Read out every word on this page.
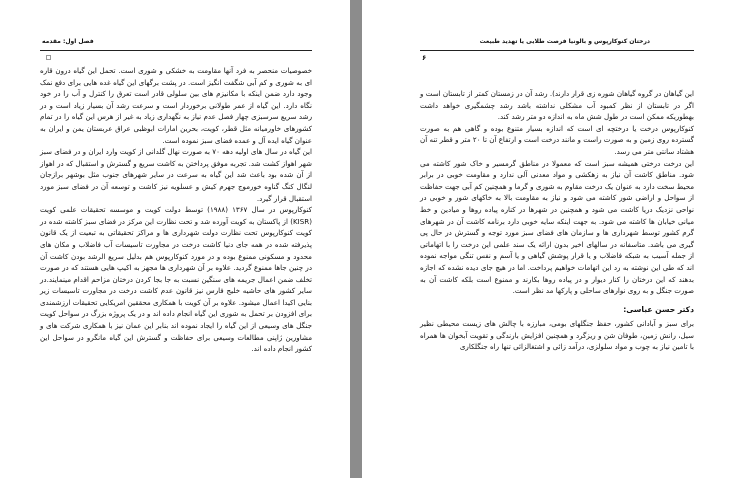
فصل اول: مقدمه

خصوصیات منحصر به فرد آنها مقاومت به خشکی و شوری است. تحمل این گیاه درون قاره ای به شوری و کم آبی شگفت انگیز است. در پشت برگهای این گیاه غده هایی برای دفع نمک وجود دارد ضمن اینکه با مکانیزم های بین سلولی قادر است تعرق را کنترل و آب را در خود نگاه دارد. این گیاه از عمر طولانی برخوردار است و سرعت رشد آن بسیار زیاد است و در رشد سریع سرسبزی چهار فصل عدم نیاز به نگهداری زیاد به غیر از هرس این گیاه را در تمام کشورهای خاورمیانه مثل قطر، کویت، بحرین امارات ابوظبی عراق عربستان یمن و ایران به عنوان گیاه ایده آل و عمده فضای سبز نموده است.

این گیاه در سال های اولیه دهه ۷۰ به صورت نهال گلدانی از کویت وارد ایران و در فضای سبز شهر اهواز کشت شد. تجربه موفق پرداختن به کاشت سریع و گسترش و استقبال که در اهواز از آن شده بود باعث شد این گیاه به سرعت در سایر شهرهای جنوب مثل بوشهر برازجان لنگال کنگ گناوه خورموج جهرم کیش و عسلویه نیز کاشت و توسعه آن در فضای سبز مورد استقبال قرار گیرد.

کنوکارپوس در سال ۱۳۶۷ (۱۹۸۸) توسط دولت کویت و موسسه تحقیقات علمی کویت (KISR) از پاکستان به کویت آورده شد و تحت نظارت این مرکز در فضای سبز کاشته شده در کویت کنوکارپوس تحت نظارت دولت شهرداری ها و مراکز تحقیقاتی به تبعیت از یک قانون پذیرفته شده در همه جای دنیا کاشت درخت در مجاورت تاسیسات آب فاضلاب و مکان های محدود و مسکونی ممنوع بوده و در مورد کنوکارپوس هم بدلیل سریع الرشد بودن کاشت آن در چنین جاها ممنوع گردید. علاوه بر آن شهرداری ها مجهز به اکیپ هایی هستند که در صورت تخلف ضمن اعمال جریمه های سنگین نسبت به جا بجا کردن درختان مزاحم اقدام مینمایند.در سایر کشور های حاشیه خلیج فارس نیز قانون عدم کاشت درخت در مجاورت تاسیسات زیر بنایی اکیدا اعمال میشود. علاوه بر آن کویت با همکاری محققین امریکایی تحقیقات ارزشمندی برای افزودن بر تحمل به شوری این گیاه انجام داده اند و در یک پروژه بزرگ در سواحل کویت جنگل های وسیعی از این گیاه را ایجاد نموده اند بنابر این عمان نیز با همکاری شرکت های و مشاورین ژاپنی مطالعات وسیعی برای حفاظت و گسترش این گیاه مانگرو در سواحل این کشور انجام داده اند.

درختان کنوکارپوس و بالونیا فرصت طلایی یا تهدید طبیعت
۶

این گیاهان در گروه گیاهان شوره زی قرار دارند). رشد آن در زمستان کمتر از تابستان است و اگر در تابستان از نظر کمبود آب مشکلی نداشته باشد رشد چشمگیری خواهد داشت بهطوریکه ممکن است در طول شش ماه به اندازه دو متر رشد کند.

کنوکارپوس درخت یا درختچه ای است که اندازه بسیار متنوع بوده و گاهی هم به صورت گسترده روی زمین و به صورت راست و مانند درخت است و ارتفاع آن تا ۲۰ متر و قطر تنه آن هشتاد سانتی متر می رسد.

این درخت درختی همیشه سبز است که معمولا در مناطق گرمسیر و خاک شور کاشته می شود. مناطق کاشت آن نیاز به زهکشی و مواد معدنی آلی ندارد و مقاومت خوبی در برابر محیط سخت دارد به عنوان یک درخت مقاوم به شوری و گرما و همچنین کم آبی جهت حفاظت از سواحل و اراضی شور کاشته می شود و نیاز به مقاومت بالا به خاکهای شور و خوبی در نواحی نزدیک دریا کاشت می شود و همچنین در شهرها در کناره پیاده روها و میادین و خط میانی خیابان ها کاشته می شود. به جهت اینکه سایه خوبی دارد برنامه کاشت آن در شهرهای گرم کشور توسط شهرداری ها و سازمان های فضای سبز مورد توجه و گسترش در حال پی گیری می باشد. متاسفانه در سالهای اخیر بدون ارائه یک سند علمی این درخت را با اتهاماتی از جمله آسیب به شبکه فاضلاب و یا قرار پوشش گیاهی و یا آسم و نفس تنگی مواجه نموده اند که طی این نوشته به رد این اتهامات خواهیم پرداخت. اما در هیچ جای دیده نشده که اجازه بدهند که این درختان را کنار دیوار و در پیاده روها بکارند و ممنوع است بلکه کاشت آن به صورت جنگل و به روی نوارهای ساحلی و پارکها مد نظر است.

دکتر حسن عباسی:

برای سبز و آبادانی کشور، حفظ جنگلهای بومی، مبارزه با چالش های زیست محیطی نظیر سیل، رانش زمین، طوفان شن و ریزگرد و همچنین افزایش بارندگی و تقویت آبخوان ها همراه با تامین نیاز به چوب و مواد سلولزی، درآمد زائی و اشتغالزائی تنها راه جنگلکاری
